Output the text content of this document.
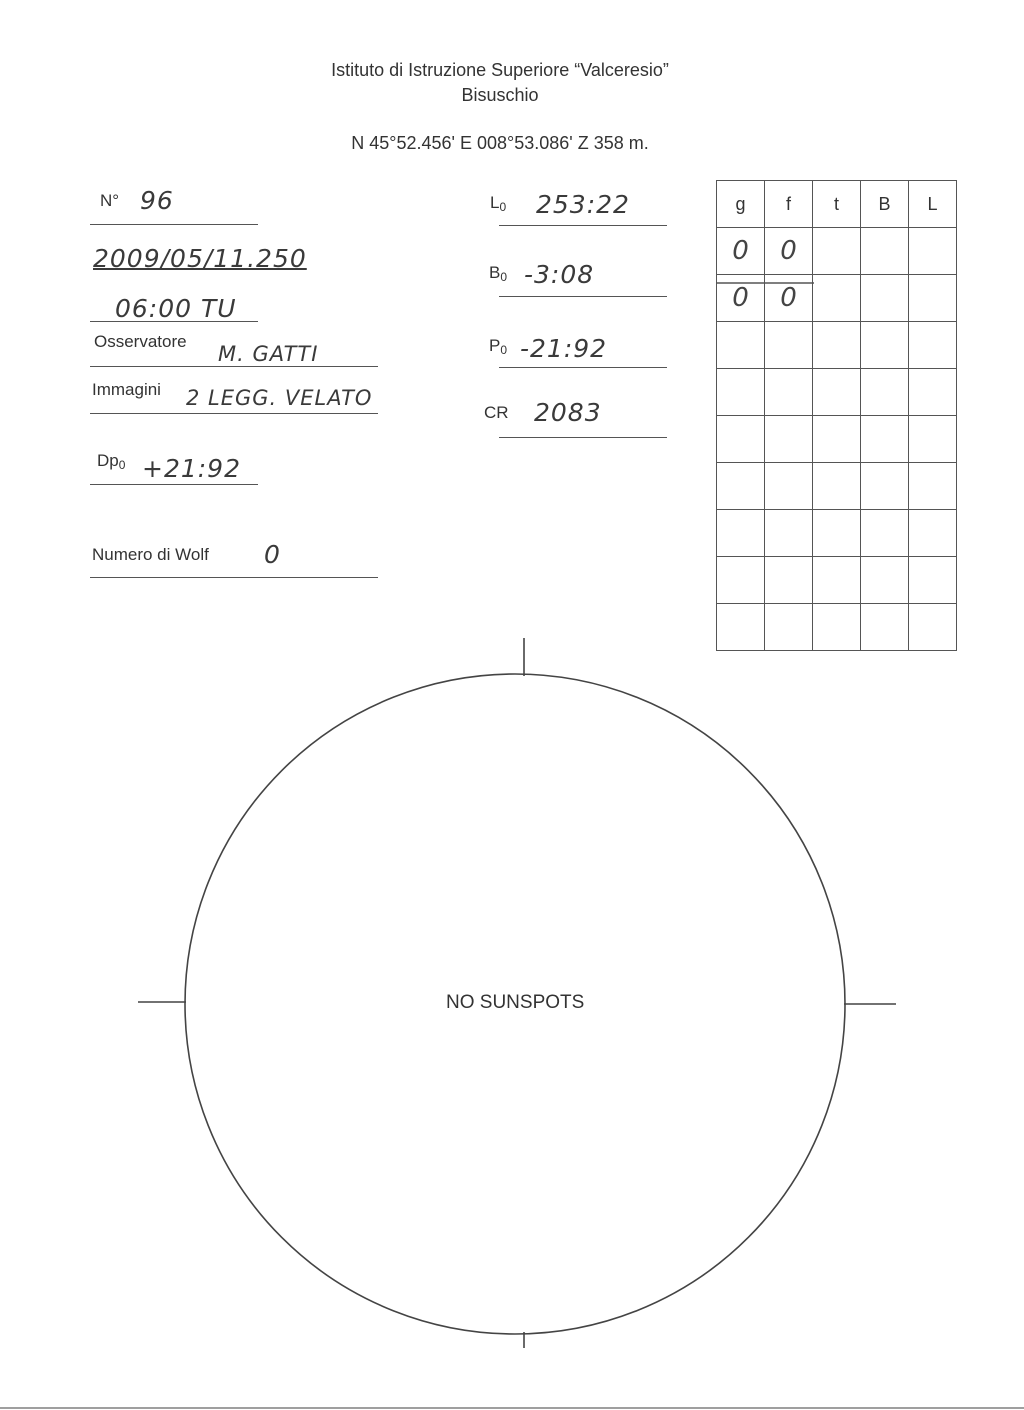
Istituto di Istruzione Superiore “Valceresio”
Bisuschio
N 45°52.456' E 008°53.086' Z 358 m.
N° 96
2009/05/11.250
06:00 TU
Osservatore
M. GATTI
Immagini 2 LEGG. VELATO
$Dp_0$ +21:92
Numero di Wolf 0
$L_0$ 253:22
$B_0$ -3:08
$P_0$ -21:92
CR 2083
g	f	t	B	L
0	0			
0	0			

NO SUNSPOTS
